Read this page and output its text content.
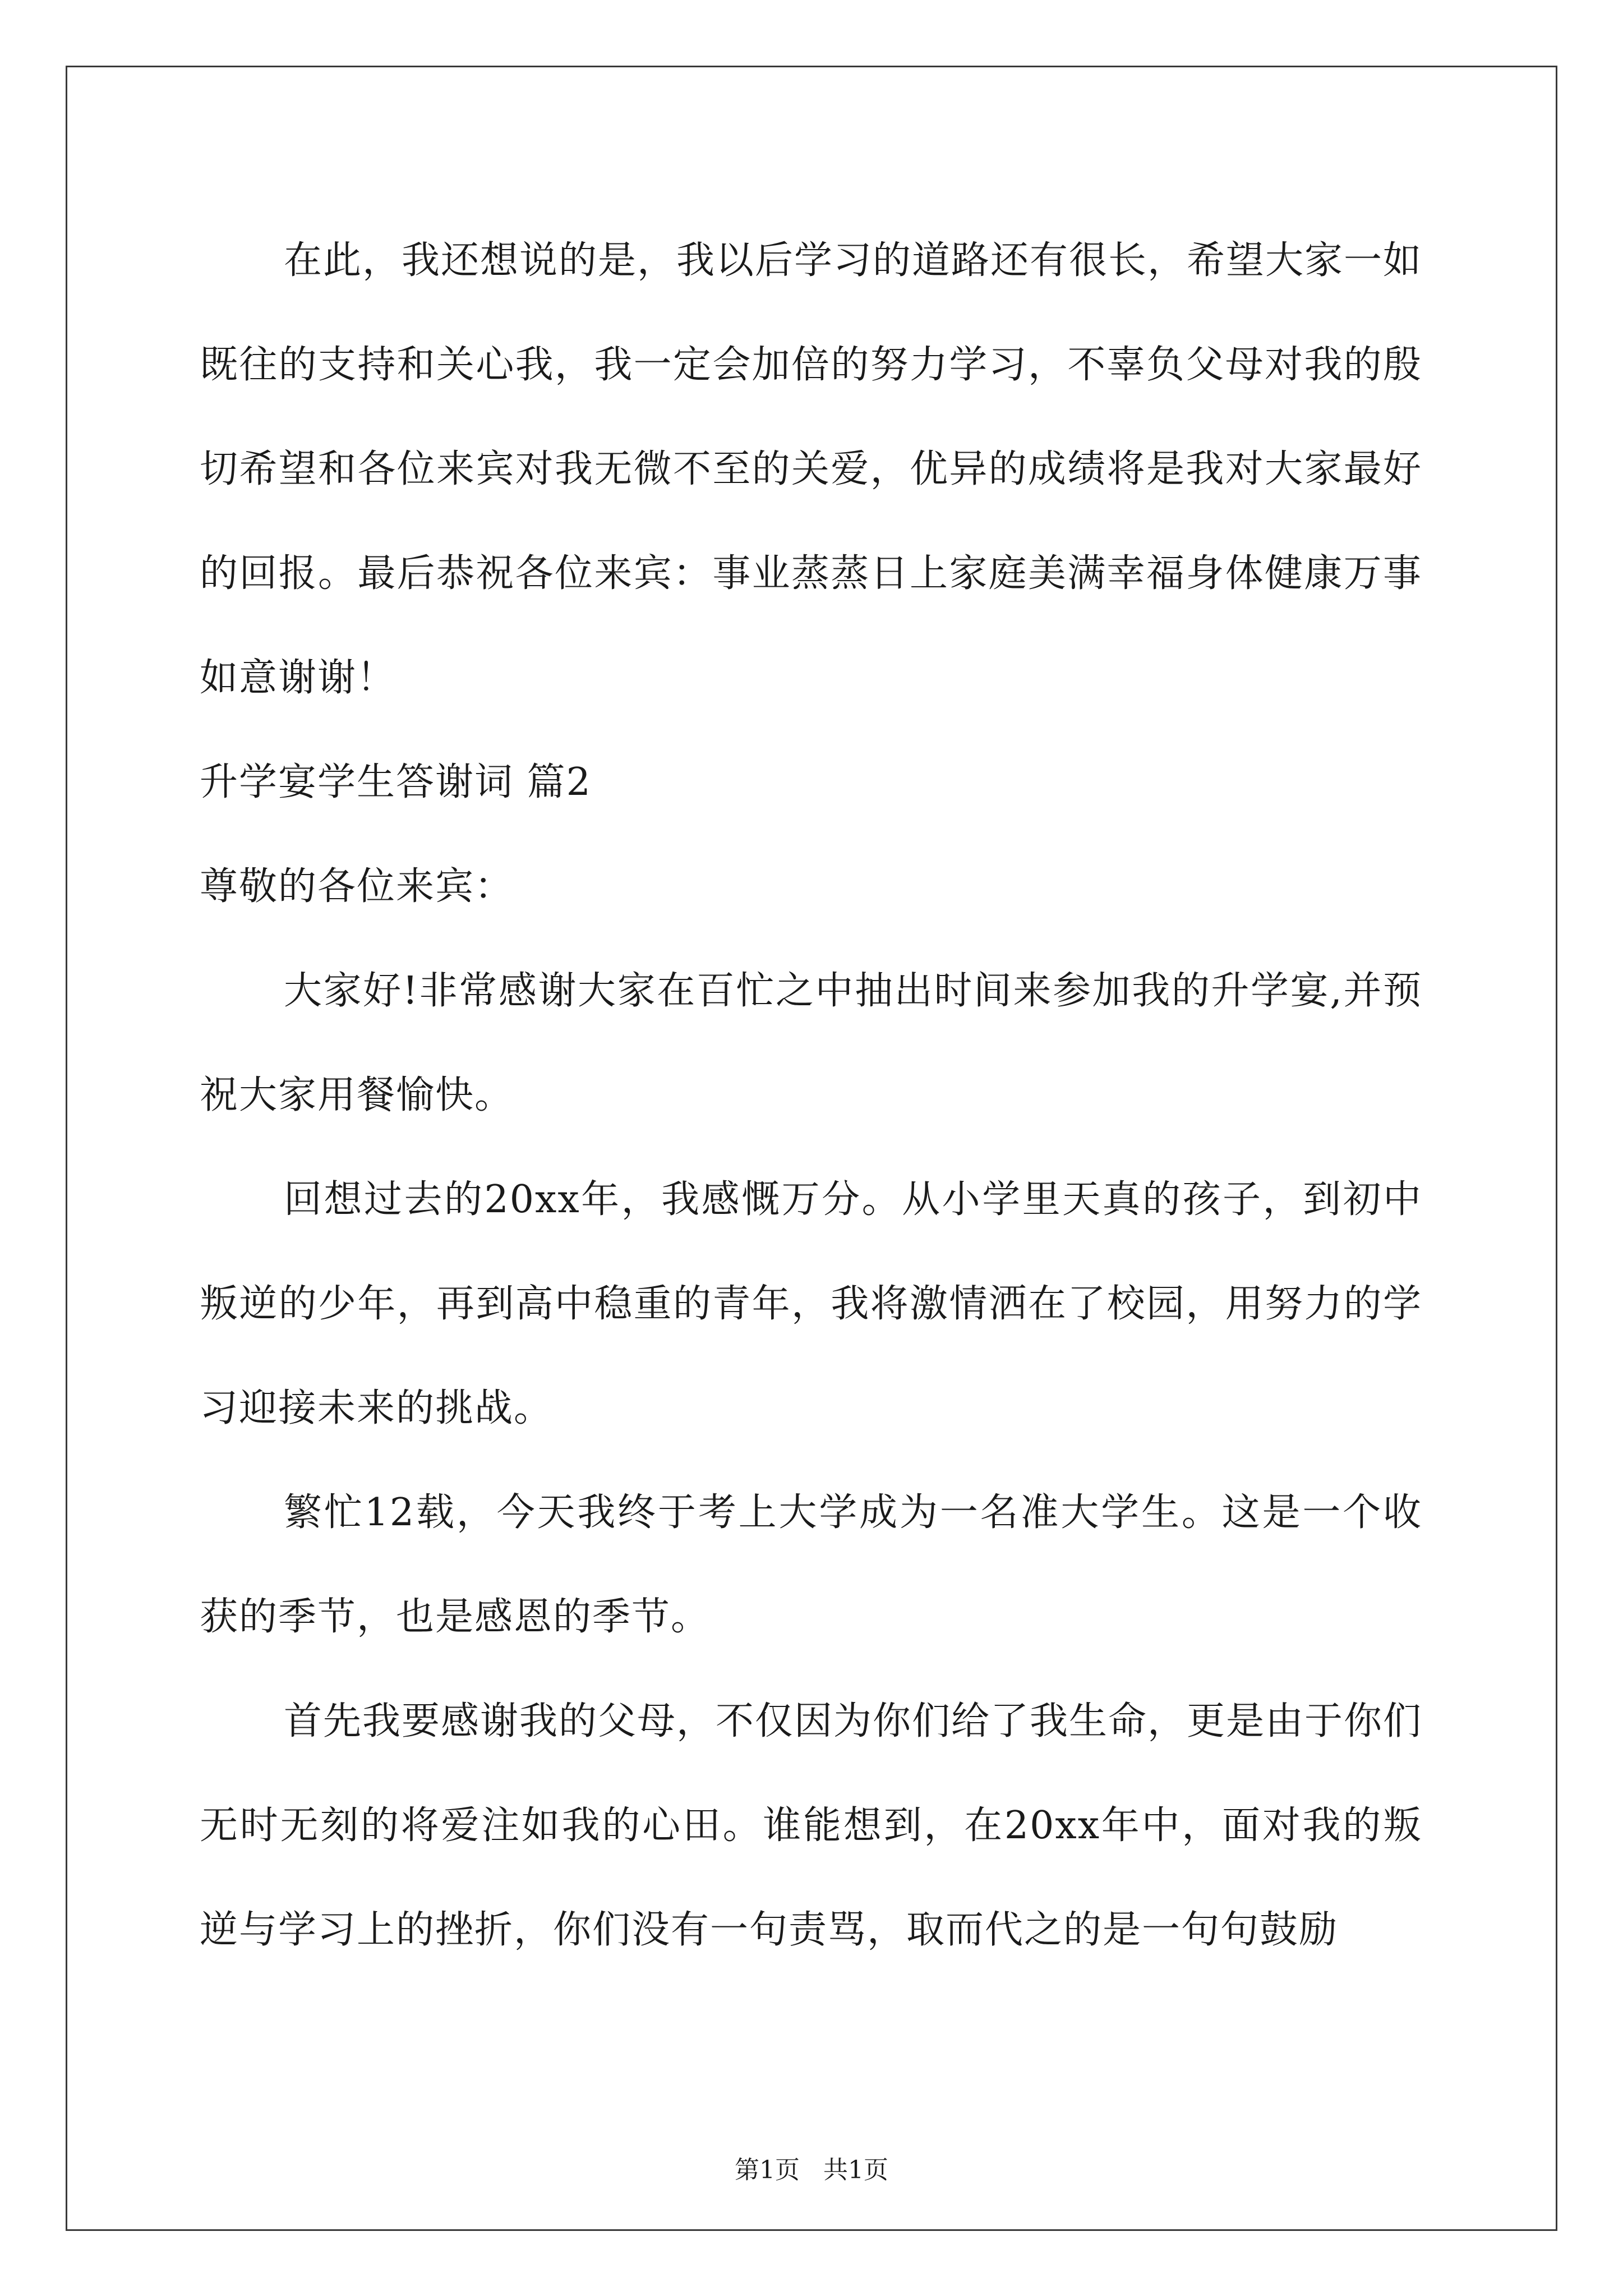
在此，我还想说的是，我以后学习的道路还有很长，希望大家一如既往的支持和关心我，我一定会加倍的努力学习，不辜负父母对我的殷切希望和各位来宾对我无微不至的关爱，优异的成绩将是我对大家最好的回报。最后恭祝各位来宾：事业蒸蒸日上家庭美满幸福身体健康万事如意谢谢！

升学宴学生答谢词 篇2

尊敬的各位来宾：

大家好!非常感谢大家在百忙之中抽出时间来参加我的升学宴,并预祝大家用餐愉快。

回想过去的20xx年，我感慨万分。从小学里天真的孩子，到初中叛逆的少年，再到高中稳重的青年，我将激情洒在了校园，用努力的学习迎接未来的挑战。

繁忙12载，今天我终于考上大学成为一名准大学生。这是一个收获的季节，也是感恩的季节。

首先我要感谢我的父母，不仅因为你们给了我生命，更是由于你们无时无刻的将爱注如我的心田。谁能想到，在20xx年中，面对我的叛逆与学习上的挫折，你们没有一句责骂，取而代之的是一句句鼓励

第1页 共1页
